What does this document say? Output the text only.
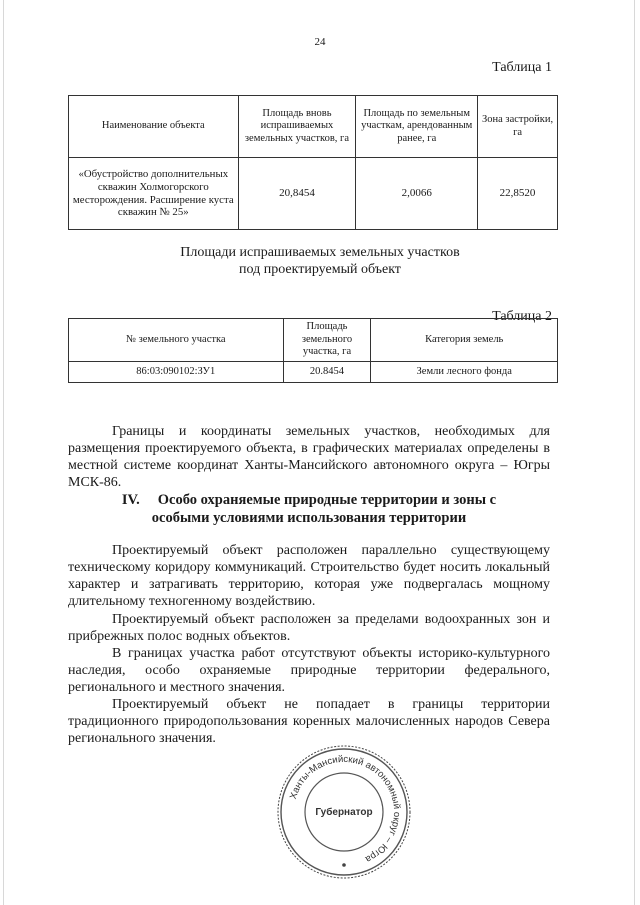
24
Таблица 1
Наименование объекта	Площадь вновь испрашиваемых земельных участков, га	Площадь по земельным участкам, арендованным ранее, га	Зона застройки, га
«Обустройство дополнительных скважин Холмогорского месторождения. Расширение куста скважин № 25»	20,8454	2,0066	22,8520
Площади испрашиваемых земельных участков
под проектируемый объект
Таблица 2
№ земельного участка	Площадь земельного участка, га	Категория земель
86:03:090102:ЗУ1	20.8454	Земли лесного фонда
Границы и координаты земельных участков, необходимых для размещения проектируемого объекта, в графических материалах определены в местной системе координат Ханты-Мансийского автономного округа – Югры МСК-86.
IV. Особо охраняемые природные территории и зоны с
особыми условиями использования территории
Проектируемый объект расположен параллельно существующему техническому коридору коммуникаций. Строительство будет носить локальный характер и затрагивать территорию, которая уже подвергалась мощному длительному техногенному воздействию.
Проектируемый объект расположен за пределами водоохранных зон и прибрежных полос водных объектов.
В границах участка работ отсутствуют объекты историко-культурного наследия, особо охраняемые природные территории федерального, регионального и местного значения.
Проектируемый объект не попадает в границы территории традиционного природопользования коренных малочисленных народов Севера регионального значения.
Ханты-Мансийский автономный округ – Югра
Губернатор
